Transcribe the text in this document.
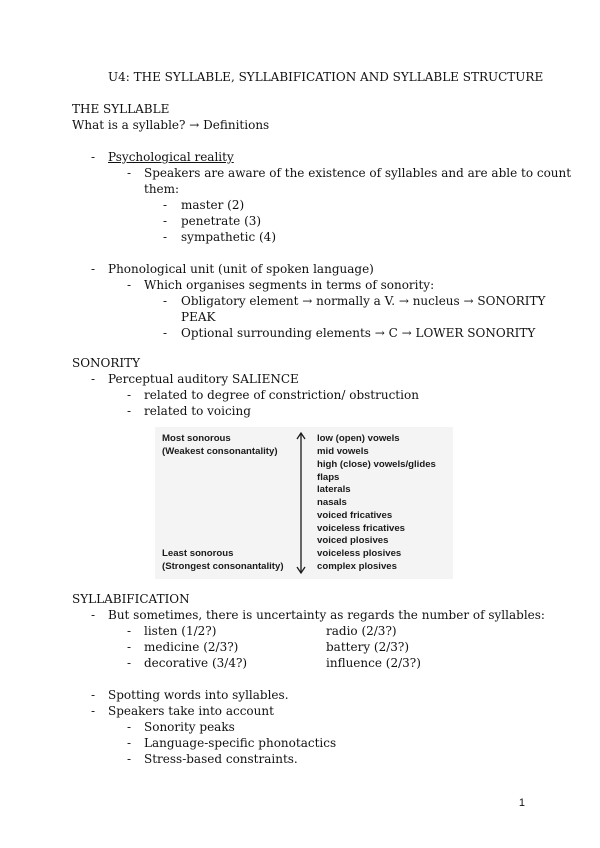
U4: THE SYLLABLE, SYLLABIFICATION AND SYLLABLE STRUCTURE
THE SYLLABLE
What is a syllable? → Definitions
- Psychological reality
- Speakers are aware of the existence of syllables and are able to count
them:
- master (2)
- penetrate (3)
- sympathetic (4)
- Phonological unit (unit of spoken language)
- Which organises segments in terms of sonority:
- Obligatory element → normally a V. → nucleus → SONORITY
PEAK
- Optional surrounding elements → C → LOWER SONORITY
SONORITY
- Perceptual auditory SALIENCE
- related to degree of constriction/ obstruction
- related to voicing
Most sonorous
(Weakest consonantality)
Least sonorous
(Strongest consonantality)
low (open) vowels
mid vowels
high (close) vowels/glides
flaps
laterals
nasals
voiced fricatives
voiceless fricatives
voiced plosives
voiceless plosives
complex plosives
SYLLABIFICATION
- But sometimes, there is uncertainty as regards the number of syllables:
- listen (1/2?)	radio (2/3?)
- medicine (2/3?)	battery (2/3?)
- decorative (3/4?)	influence (2/3?)
- Spotting words into syllables.
- Speakers take into account
- Sonority peaks
- Language-specific phonotactics
- Stress-based constraints.
1
